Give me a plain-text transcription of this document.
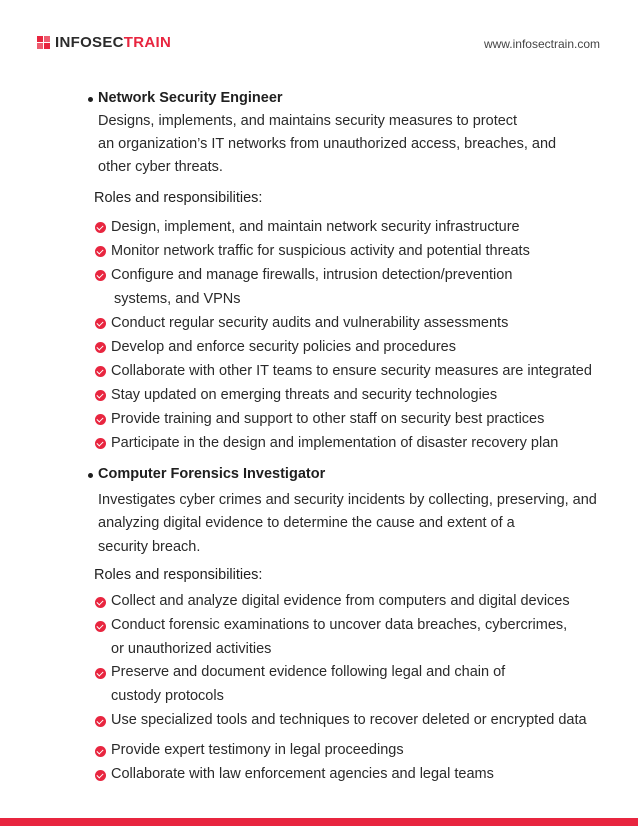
INFOSECTRAIN	www.infosectrain.com
Network Security Engineer
Designs, implements, and maintains security measures to protect
an organization’s IT networks from unauthorized access, breaches, and
other cyber threats.
Roles and responsibilities:
Design, implement, and maintain network security infrastructure
Monitor network traffic for suspicious activity and potential threats
Configure and manage firewalls, intrusion detection/prevention
systems, and VPNs
Conduct regular security audits and vulnerability assessments
Develop and enforce security policies and procedures
Collaborate with other IT teams to ensure security measures are integrated
Stay updated on emerging threats and security technologies
Provide training and support to other staff on security best practices
Participate in the design and implementation of disaster recovery plan
Computer Forensics Investigator
Investigates cyber crimes and security incidents by collecting, preserving, and
analyzing digital evidence to determine the cause and extent of a
security breach.
Roles and responsibilities:
Collect and analyze digital evidence from computers and digital devices
Conduct forensic examinations to uncover data breaches, cybercrimes,
or unauthorized activities
Preserve and document evidence following legal and chain of
custody protocols
Use specialized tools and techniques to recover deleted or encrypted data
Provide expert testimony in legal proceedings
Collaborate with law enforcement agencies and legal teams
